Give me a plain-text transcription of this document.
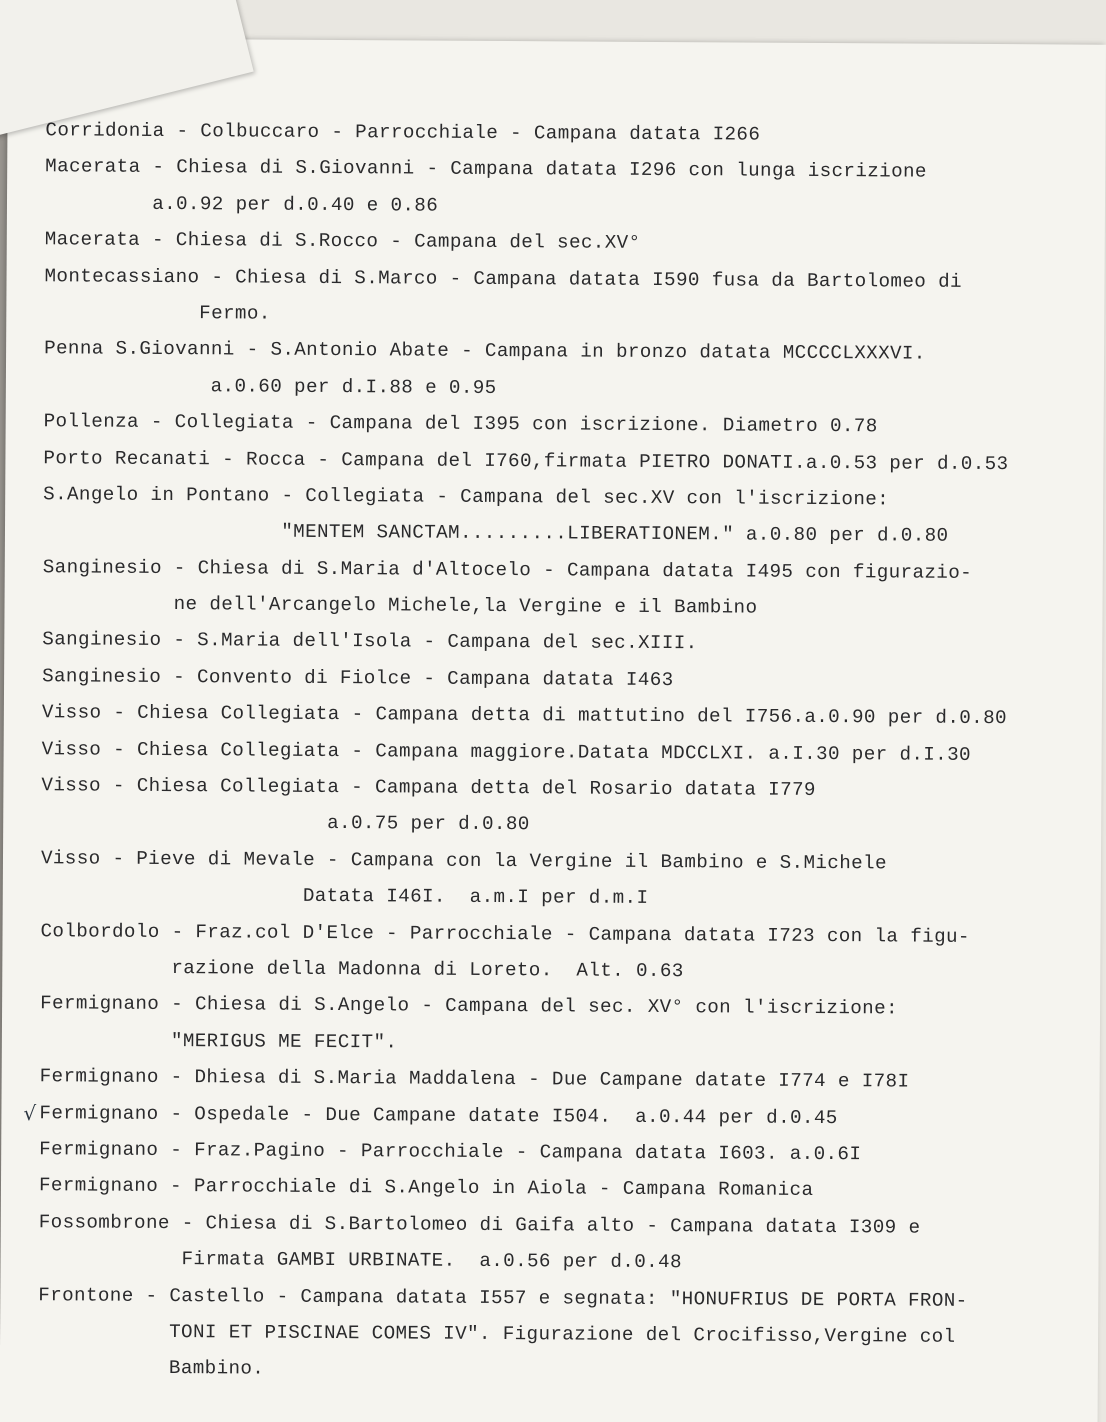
Corridonia - Colbuccaro - Parrocchiale - Campana datata I266
Macerata - Chiesa di S.Giovanni - Campana datata I296 con lunga iscrizione
a.0.92 per d.0.40 e 0.86
Macerata - Chiesa di S.Rocco - Campana del sec.XV°
Montecassiano - Chiesa di S.Marco - Campana datata I590 fusa da Bartolomeo di
Fermo.
Penna S.Giovanni - S.Antonio Abate - Campana in bronzo datata MCCCCLXXXVI.
a.0.60 per d.I.88 e 0.95
Pollenza - Collegiata - Campana del I395 con iscrizione. Diametro 0.78
Porto Recanati - Rocca - Campana del I760,firmata PIETRO DONATI.a.0.53 per d.0.53
S.Angelo in Pontano - Collegiata - Campana del sec.XV con l'iscrizione:
"MENTEM SANCTAM.........LIBERATIONEM." a.0.80 per d.0.80
Sanginesio - Chiesa di S.Maria d'Altocelo - Campana datata I495 con figurazio-
ne dell'Arcangelo Michele,la Vergine e il Bambino
Sanginesio - S.Maria dell'Isola - Campana del sec.XIII.
Sanginesio - Convento di Fiolce - Campana datata I463
Visso - Chiesa Collegiata - Campana detta di mattutino del I756.a.0.90 per d.0.80
Visso - Chiesa Collegiata - Campana maggiore.Datata MDCCLXI. a.I.30 per d.I.30
Visso - Chiesa Collegiata - Campana detta del Rosario datata I779
a.0.75 per d.0.80
Visso - Pieve di Mevale - Campana con la Vergine il Bambino e S.Michele
Datata I46I.  a.m.I per d.m.I
Colbordolo - Fraz.col D'Elce - Parrocchiale - Campana datata I723 con la figu-
razione della Madonna di Loreto.  Alt. 0.63
Fermignano - Chiesa di S.Angelo - Campana del sec. XV° con l'iscrizione:
"MERIGUS ME FECIT".
Fermignano - Dhiesa di S.Maria Maddalena - Due Campane datate I774 e I78I
√ Fermignano - Ospedale - Due Campane datate I504.  a.0.44 per d.0.45
Fermignano - Fraz.Pagino - Parrocchiale - Campana datata I603. a.0.6I
Fermignano - Parrocchiale di S.Angelo in Aiola - Campana Romanica
Fossombrone - Chiesa di S.Bartolomeo di Gaifa alto - Campana datata I309 e
Firmata GAMBI URBINATE.  a.0.56 per d.0.48
Frontone - Castello - Campana datata I557 e segnata: "HONUFRIUS DE PORTA FRON-
TONI ET PISCINAE COMES IV". Figurazione del Crocifisso,Vergine col
Bambino.
